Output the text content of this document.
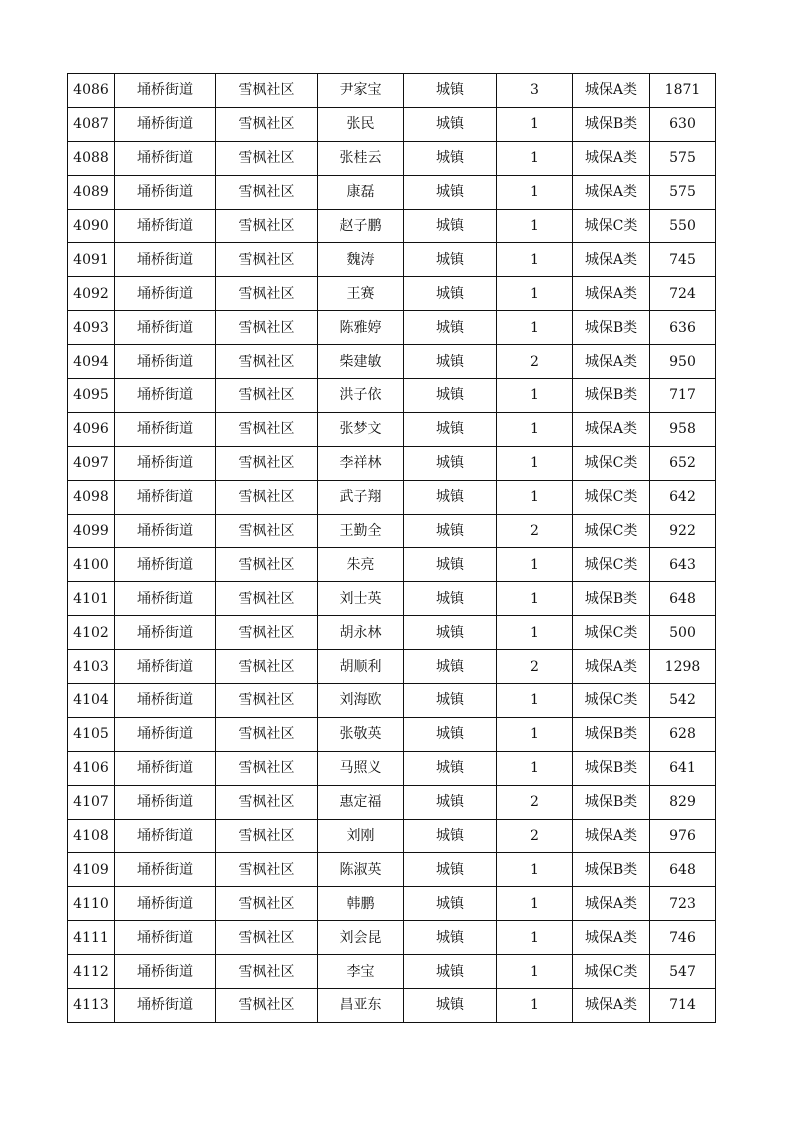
4086	埇桥街道	雪枫社区	尹家宝	城镇	3	城保A类	1871
4087	埇桥街道	雪枫社区	张民	城镇	1	城保B类	630
4088	埇桥街道	雪枫社区	张桂云	城镇	1	城保A类	575
4089	埇桥街道	雪枫社区	康磊	城镇	1	城保A类	575
4090	埇桥街道	雪枫社区	赵子鹏	城镇	1	城保C类	550
4091	埇桥街道	雪枫社区	魏涛	城镇	1	城保A类	745
4092	埇桥街道	雪枫社区	王赛	城镇	1	城保A类	724
4093	埇桥街道	雪枫社区	陈雅婷	城镇	1	城保B类	636
4094	埇桥街道	雪枫社区	柴建敏	城镇	2	城保A类	950
4095	埇桥街道	雪枫社区	洪子依	城镇	1	城保B类	717
4096	埇桥街道	雪枫社区	张梦文	城镇	1	城保A类	958
4097	埇桥街道	雪枫社区	李祥林	城镇	1	城保C类	652
4098	埇桥街道	雪枫社区	武子翔	城镇	1	城保C类	642
4099	埇桥街道	雪枫社区	王勤全	城镇	2	城保C类	922
4100	埇桥街道	雪枫社区	朱亮	城镇	1	城保C类	643
4101	埇桥街道	雪枫社区	刘士英	城镇	1	城保B类	648
4102	埇桥街道	雪枫社区	胡永林	城镇	1	城保C类	500
4103	埇桥街道	雪枫社区	胡顺利	城镇	2	城保A类	1298
4104	埇桥街道	雪枫社区	刘海欧	城镇	1	城保C类	542
4105	埇桥街道	雪枫社区	张敬英	城镇	1	城保B类	628
4106	埇桥街道	雪枫社区	马照义	城镇	1	城保B类	641
4107	埇桥街道	雪枫社区	惠定福	城镇	2	城保B类	829
4108	埇桥街道	雪枫社区	刘刚	城镇	2	城保A类	976
4109	埇桥街道	雪枫社区	陈淑英	城镇	1	城保B类	648
4110	埇桥街道	雪枫社区	韩鹏	城镇	1	城保A类	723
4111	埇桥街道	雪枫社区	刘会昆	城镇	1	城保A类	746
4112	埇桥街道	雪枫社区	李宝	城镇	1	城保C类	547
4113	埇桥街道	雪枫社区	昌亚东	城镇	1	城保A类	714
